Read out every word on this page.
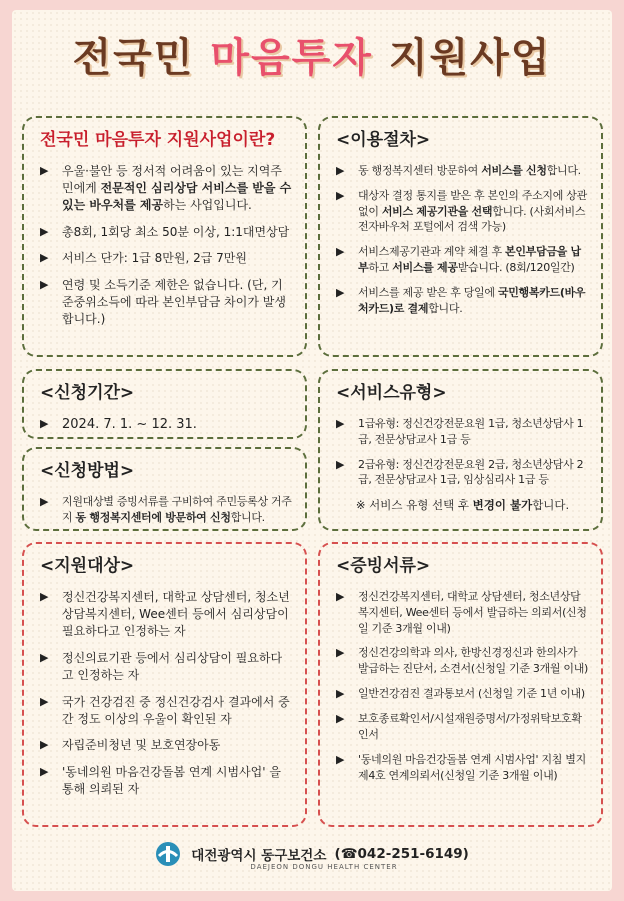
전국민 마음투자 지원사업
전국민 마음투자 지원사업이란?
▶ 우울·불안 등 정서적 어려움이 있는 지역주민에게 전문적인 심리상담 서비스를 받을 수 있는 바우처를 제공하는 사업입니다.
▶ 총8회, 1회당 최소 50분 이상, 1:1대면상담
▶ 서비스 단가: 1급 8만원, 2급 7만원
▶ 연령 및 소득기준 제한은 없습니다. (단, 기준중위소득에 따라 본인부담금 차이가 발생합니다.)
<이용절차>
▶ 동 행정복지센터 방문하여 서비스를 신청합니다.
▶ 대상자 결정 통지를 받은 후 본인의 주소지에 상관없이 서비스 제공기관을 선택합니다. (사회서비스 전자바우처 포털에서 검색 가능)
▶ 서비스제공기관과 계약 체결 후 본인부담금을 납부하고 서비스를 제공받습니다. (8회/120일간)
▶ 서비스를 제공 받은 후 당일에 국민행복카드(바우처카드)로 결제합니다.
<신청기간>
▶ 2024. 7. 1. ~ 12. 31.
<신청방법>
▶ 지원대상별 증빙서류를 구비하여 주민등록상 거주지 동 행정복지센터에 방문하여 신청합니다.
<서비스유형>
▶ 1급유형: 정신건강전문요원 1급, 청소년상담사 1급, 전문상담교사 1급 등
▶ 2급유형: 정신건강전문요원 2급, 청소년상담사 2급, 전문상담교사 1급, 임상심리사 1급 등
※ 서비스 유형 선택 후 변경이 불가합니다.
<지원대상>
▶ 정신건강복지센터, 대학교 상담센터, 청소년상담복지센터, Wee센터 등에서 심리상담이 필요하다고 인정하는 자
▶ 정신의료기관 등에서 심리상담이 필요하다고 인정하는 자
▶ 국가 건강검진 중 정신건강검사 결과에서 중간 정도 이상의 우울이 확인된 자
▶ 자립준비청년 및 보호연장아동
▶ '동네의원 마음건강돌봄 연계 시범사업' 을 통해 의뢰된 자
<증빙서류>
▶ 정신건강복지센터, 대학교 상담센터, 청소년상담복지센터, Wee센터 등에서 발급하는 의뢰서(신청일 기준 3개월 이내)
▶ 정신건강의학과 의사, 한방신경정신과 한의사가 발급하는 진단서, 소견서(신청일 기준 3개월 이내)
▶ 일반건강검진 결과통보서 (신청일 기준 1년 이내)
▶ 보호종료확인서/시설재원증명서/가정위탁보호확인서
▶ '동네의원 마음건강돌봄 연계 시범사업' 지침 별지 제4호 연계의뢰서(신청일 기준 3개월 이내)
대전광역시 동구보건소 (☎042-251-6149)
DAEJEON DONGU HEALTH CENTER
